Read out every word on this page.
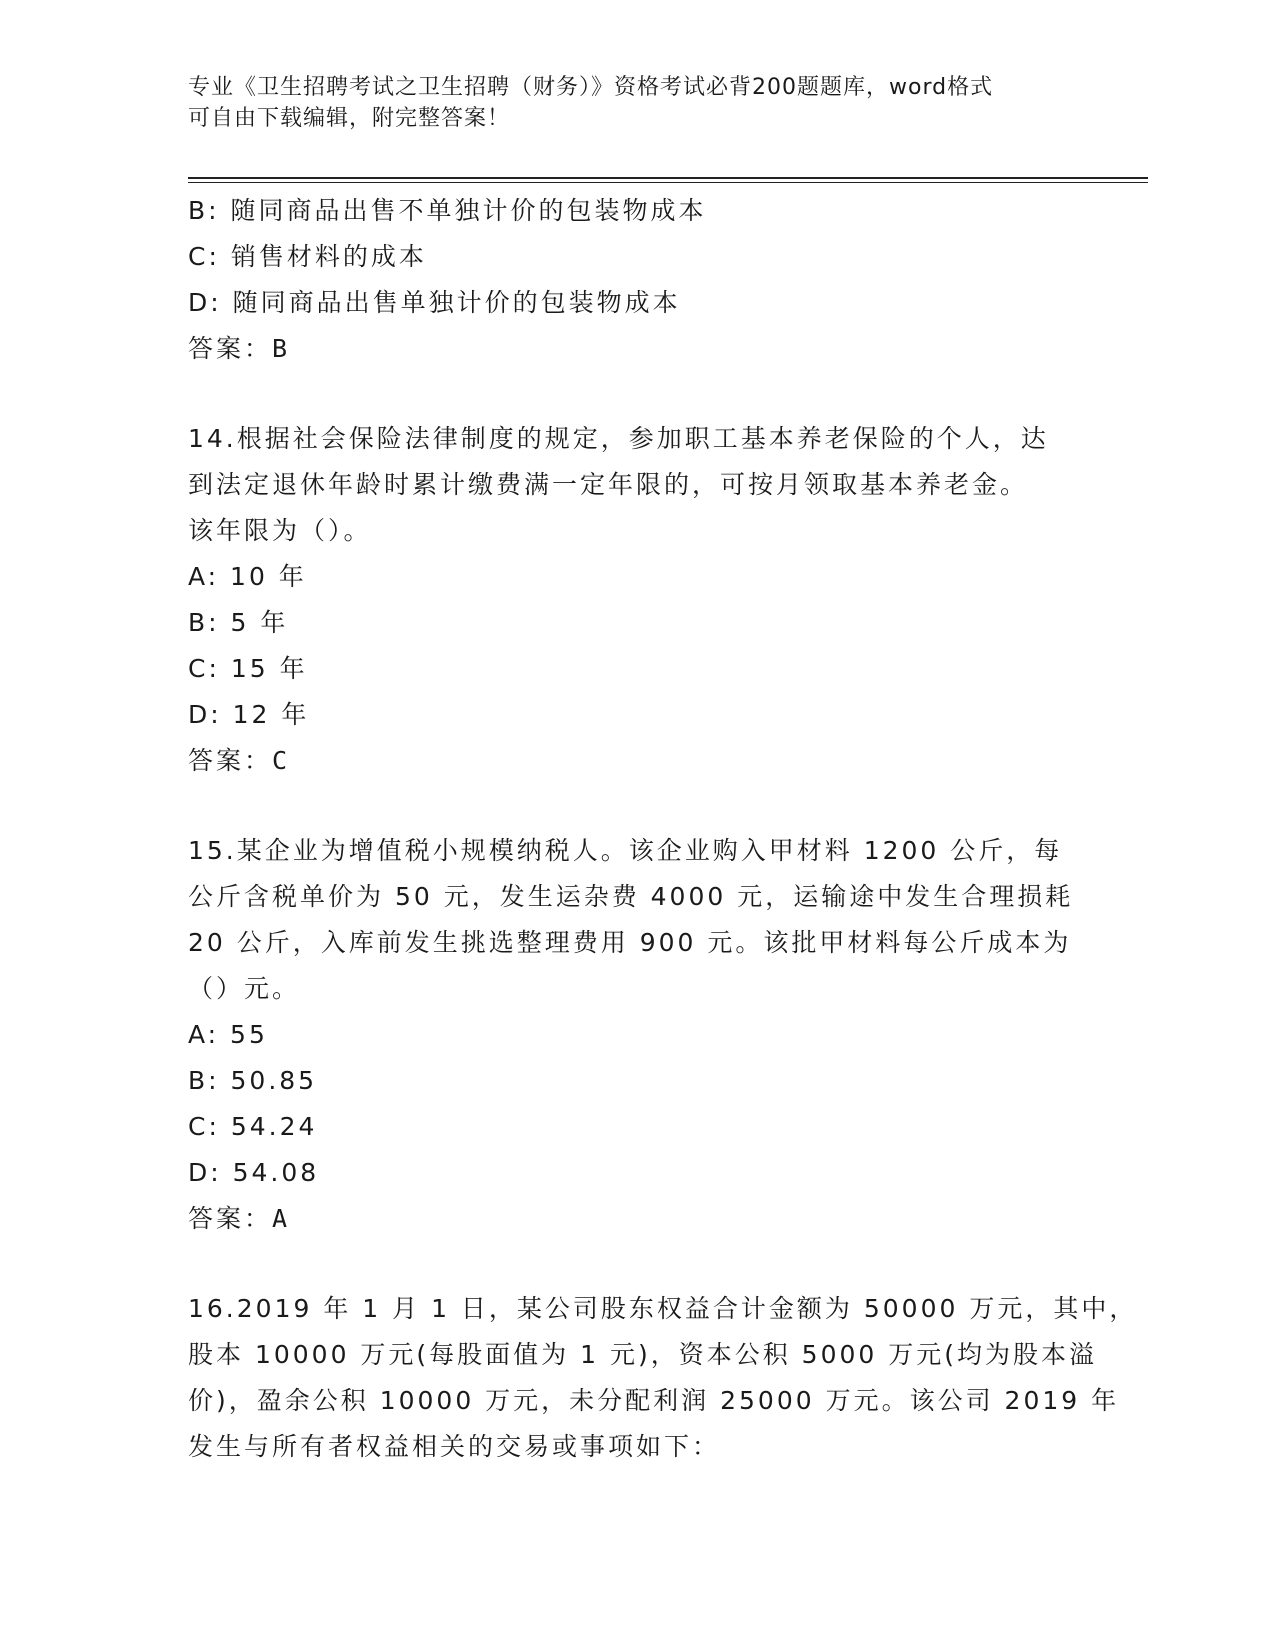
专业《卫生招聘考试之卫生招聘（财务）》资格考试必背200题题库，word格式
可自由下载编辑，附完整答案！
B: 随同商品出售不单独计价的包装物成本
C: 销售材料的成本
D: 随同商品出售单独计价的包装物成本
答案：B
14.根据社会保险法律制度的规定，参加职工基本养老保险的个人，达
到法定退休年龄时累计缴费满一定年限的，可按月领取基本养老金。
该年限为（）。
A: 10 年
B: 5 年
C: 15 年
D: 12 年
答案：C
15.某企业为增值税小规模纳税人。该企业购入甲材料 1200 公斤，每
公斤含税单价为 50 元，发生运杂费 4000 元，运输途中发生合理损耗
20 公斤，入库前发生挑选整理费用 900 元。该批甲材料每公斤成本为
（）元。
A: 55
B: 50.85
C: 54.24
D: 54.08
答案：A
16.2019 年 1 月 1 日，某公司股东权益合计金额为 50000 万元，其中，
股本 10000 万元(每股面值为 1 元)，资本公积 5000 万元(均为股本溢
价)，盈余公积 10000 万元，未分配利润 25000 万元。该公司 2019 年
发生与所有者权益相关的交易或事项如下：
